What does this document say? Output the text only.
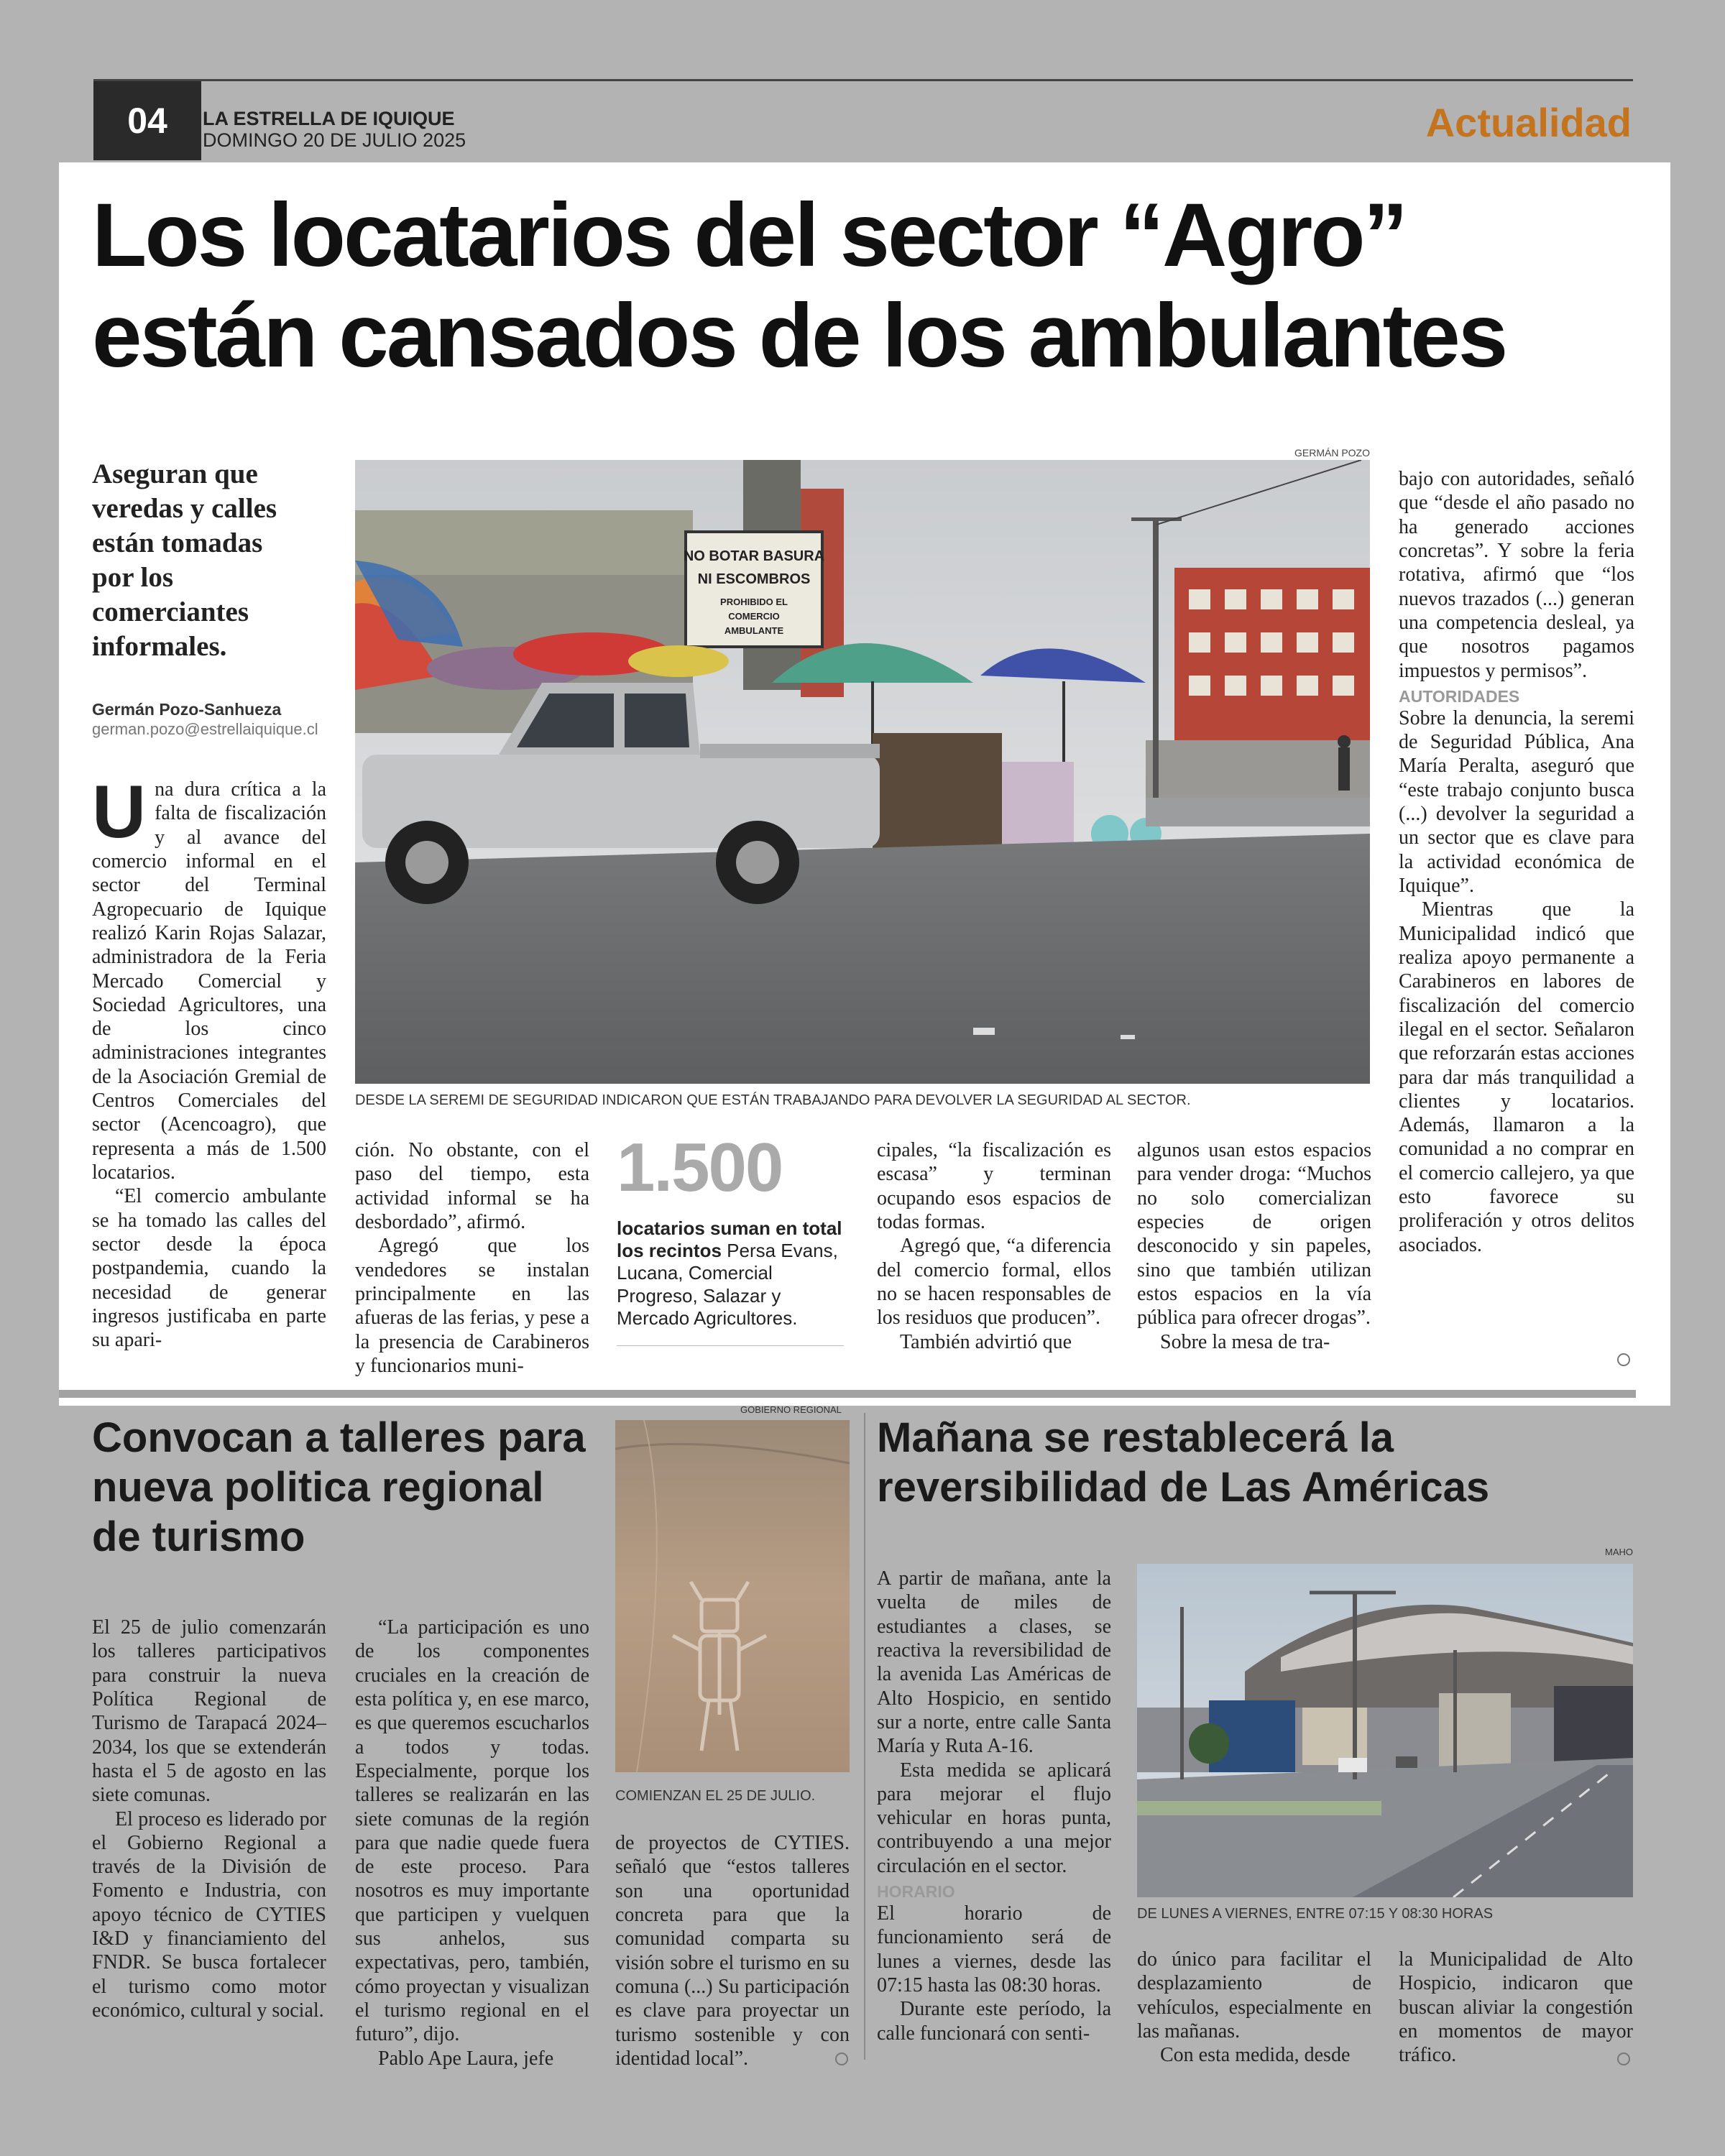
04	LA ESTRELLA DE IQUIQUE
DOMINGO 20 DE JULIO 2025	Actualidad
Los locatarios del sector “Agro”
están cansados de los ambulantes
Aseguran que veredas y calles están tomadas por los comerciantes informales.
Germán Pozo-Sanhueza
german.pozo@estrellaiquique.cl
U na dura crítica a la falta de fiscalización y al avance del comercio informal en el sector del Terminal Agropecuario de Iquique realizó Karin Rojas Salazar, administradora de la Feria Mercado Comercial y Sociedad Agricultores, una de los cinco administraciones integrantes de la Asociación Gremial de Centros Comerciales del sector (Acencoagro), que representa a más de 1.500 locatarios.

“El comercio ambulante se ha tomado las calles del sector desde la época postpandemia, cuando la necesidad de generar ingresos justificaba en parte su apari-

GERMÁN POZO
NO BOTAR BASURA
NI ESCOMBROS
PROHIBIDO EL
COMERCIO
AMBULANTE
DESDE LA SEREMI DE SEGURIDAD INDICARON QUE ESTÁN TRABAJANDO PARA DEVOLVER LA SEGURIDAD AL SECTOR.

ción. No obstante, con el paso del tiempo, esta actividad informal se ha desbordado”, afirmó.

Agregó que los vendedores se instalan principalmente en las afueras de las ferias, y pese a la presencia de Carabineros y funcionarios muni-

1.500
locatarios suman en total los recintos Persa Evans, Lucana, Comercial Progreso, Salazar y Mercado Agricultores.

cipales, “la fiscalización es escasa” y terminan ocupando esos espacios de todas formas.

Agregó que, “a diferencia del comercio formal, ellos no se hacen responsables de los residuos que producen”.

También advirtió que

algunos usan estos espacios para vender droga: “Muchos no solo comercializan especies de origen desconocido y sin papeles, sino que también utilizan estos espacios en la vía pública para ofrecer drogas”.

Sobre la mesa de tra-

bajo con autoridades, señaló que “desde el año pasado no ha generado acciones concretas”. Y sobre la feria rotativa, afirmó que “los nuevos trazados (...) generan una competencia desleal, ya que nosotros pagamos impuestos y permisos”.

AUTORIDADES

Sobre la denuncia, la seremi de Seguridad Pública, Ana María Peralta, aseguró que “este trabajo conjunto busca (...) devolver la seguridad a un sector que es clave para la actividad económica de Iquique”.

Mientras que la Municipalidad indicó que realiza apoyo permanente a Carabineros en labores de fiscalización del comercio ilegal en el sector. Señalaron que reforzarán estas acciones para dar más tranquilidad a clientes y locatarios. Además, llamaron a la comunidad a no comprar en el comercio callejero, ya que esto favorece su proliferación y otros delitos asociados.

Convocan a talleres para nueva politica regional de turismo

El 25 de julio comenzarán los talleres participativos para construir la nueva Política Regional de Turismo de Tarapacá 2024–2034, los que se extenderán hasta el 5 de agosto en las siete comunas.

El proceso es liderado por el Gobierno Regional a través de la División de Fomento e Industria, con apoyo técnico de CYTIES I&D y financiamiento del FNDR. Se busca fortalecer el turismo como motor económico, cultural y social.

“La participación es uno de los componentes cruciales en la creación de esta política y, en ese marco, es que queremos escucharlos a todos y todas. Especialmente, porque los talleres se realizarán en las siete comunas de la región para que nadie quede fuera de este proceso. Para nosotros es muy importante que participen y vuelquen sus anhelos, sus expectativas, pero, también, cómo proyectan y visualizan el turismo regional en el futuro”, dijo.

Pablo Ape Laura, jefe

GOBIERNO REGIONAL
COMIENZAN EL 25 DE JULIO.

de proyectos de CYTIES. señaló que “estos talleres son una oportunidad concreta para que la comunidad comparta su visión sobre el turismo en su comuna (...) Su participación es clave para proyectar un turismo sostenible y con identidad local”.

Mañana se restablecerá la reversibilidad de Las Américas

A partir de mañana, ante la vuelta de miles de estudiantes a clases, se reactiva la reversibilidad de la avenida Las Américas de Alto Hospicio, en sentido sur a norte, entre calle Santa María y Ruta A-16.

Esta medida se aplicará para mejorar el flujo vehicular en horas punta, contribuyendo a una mejor circulación en el sector.

HORARIO

El horario de funcionamiento será de lunes a viernes, desde las 07:15 hasta las 08:30 horas.

Durante este período, la calle funcionará con senti-

MAHO
DE LUNES A VIERNES, ENTRE 07:15 Y 08:30 HORAS

do único para facilitar el desplazamiento de vehículos, especialmente en las mañanas.

Con esta medida, desde

la Municipalidad de Alto Hospicio, indicaron que buscan aliviar la congestión en momentos de mayor tráfico.
